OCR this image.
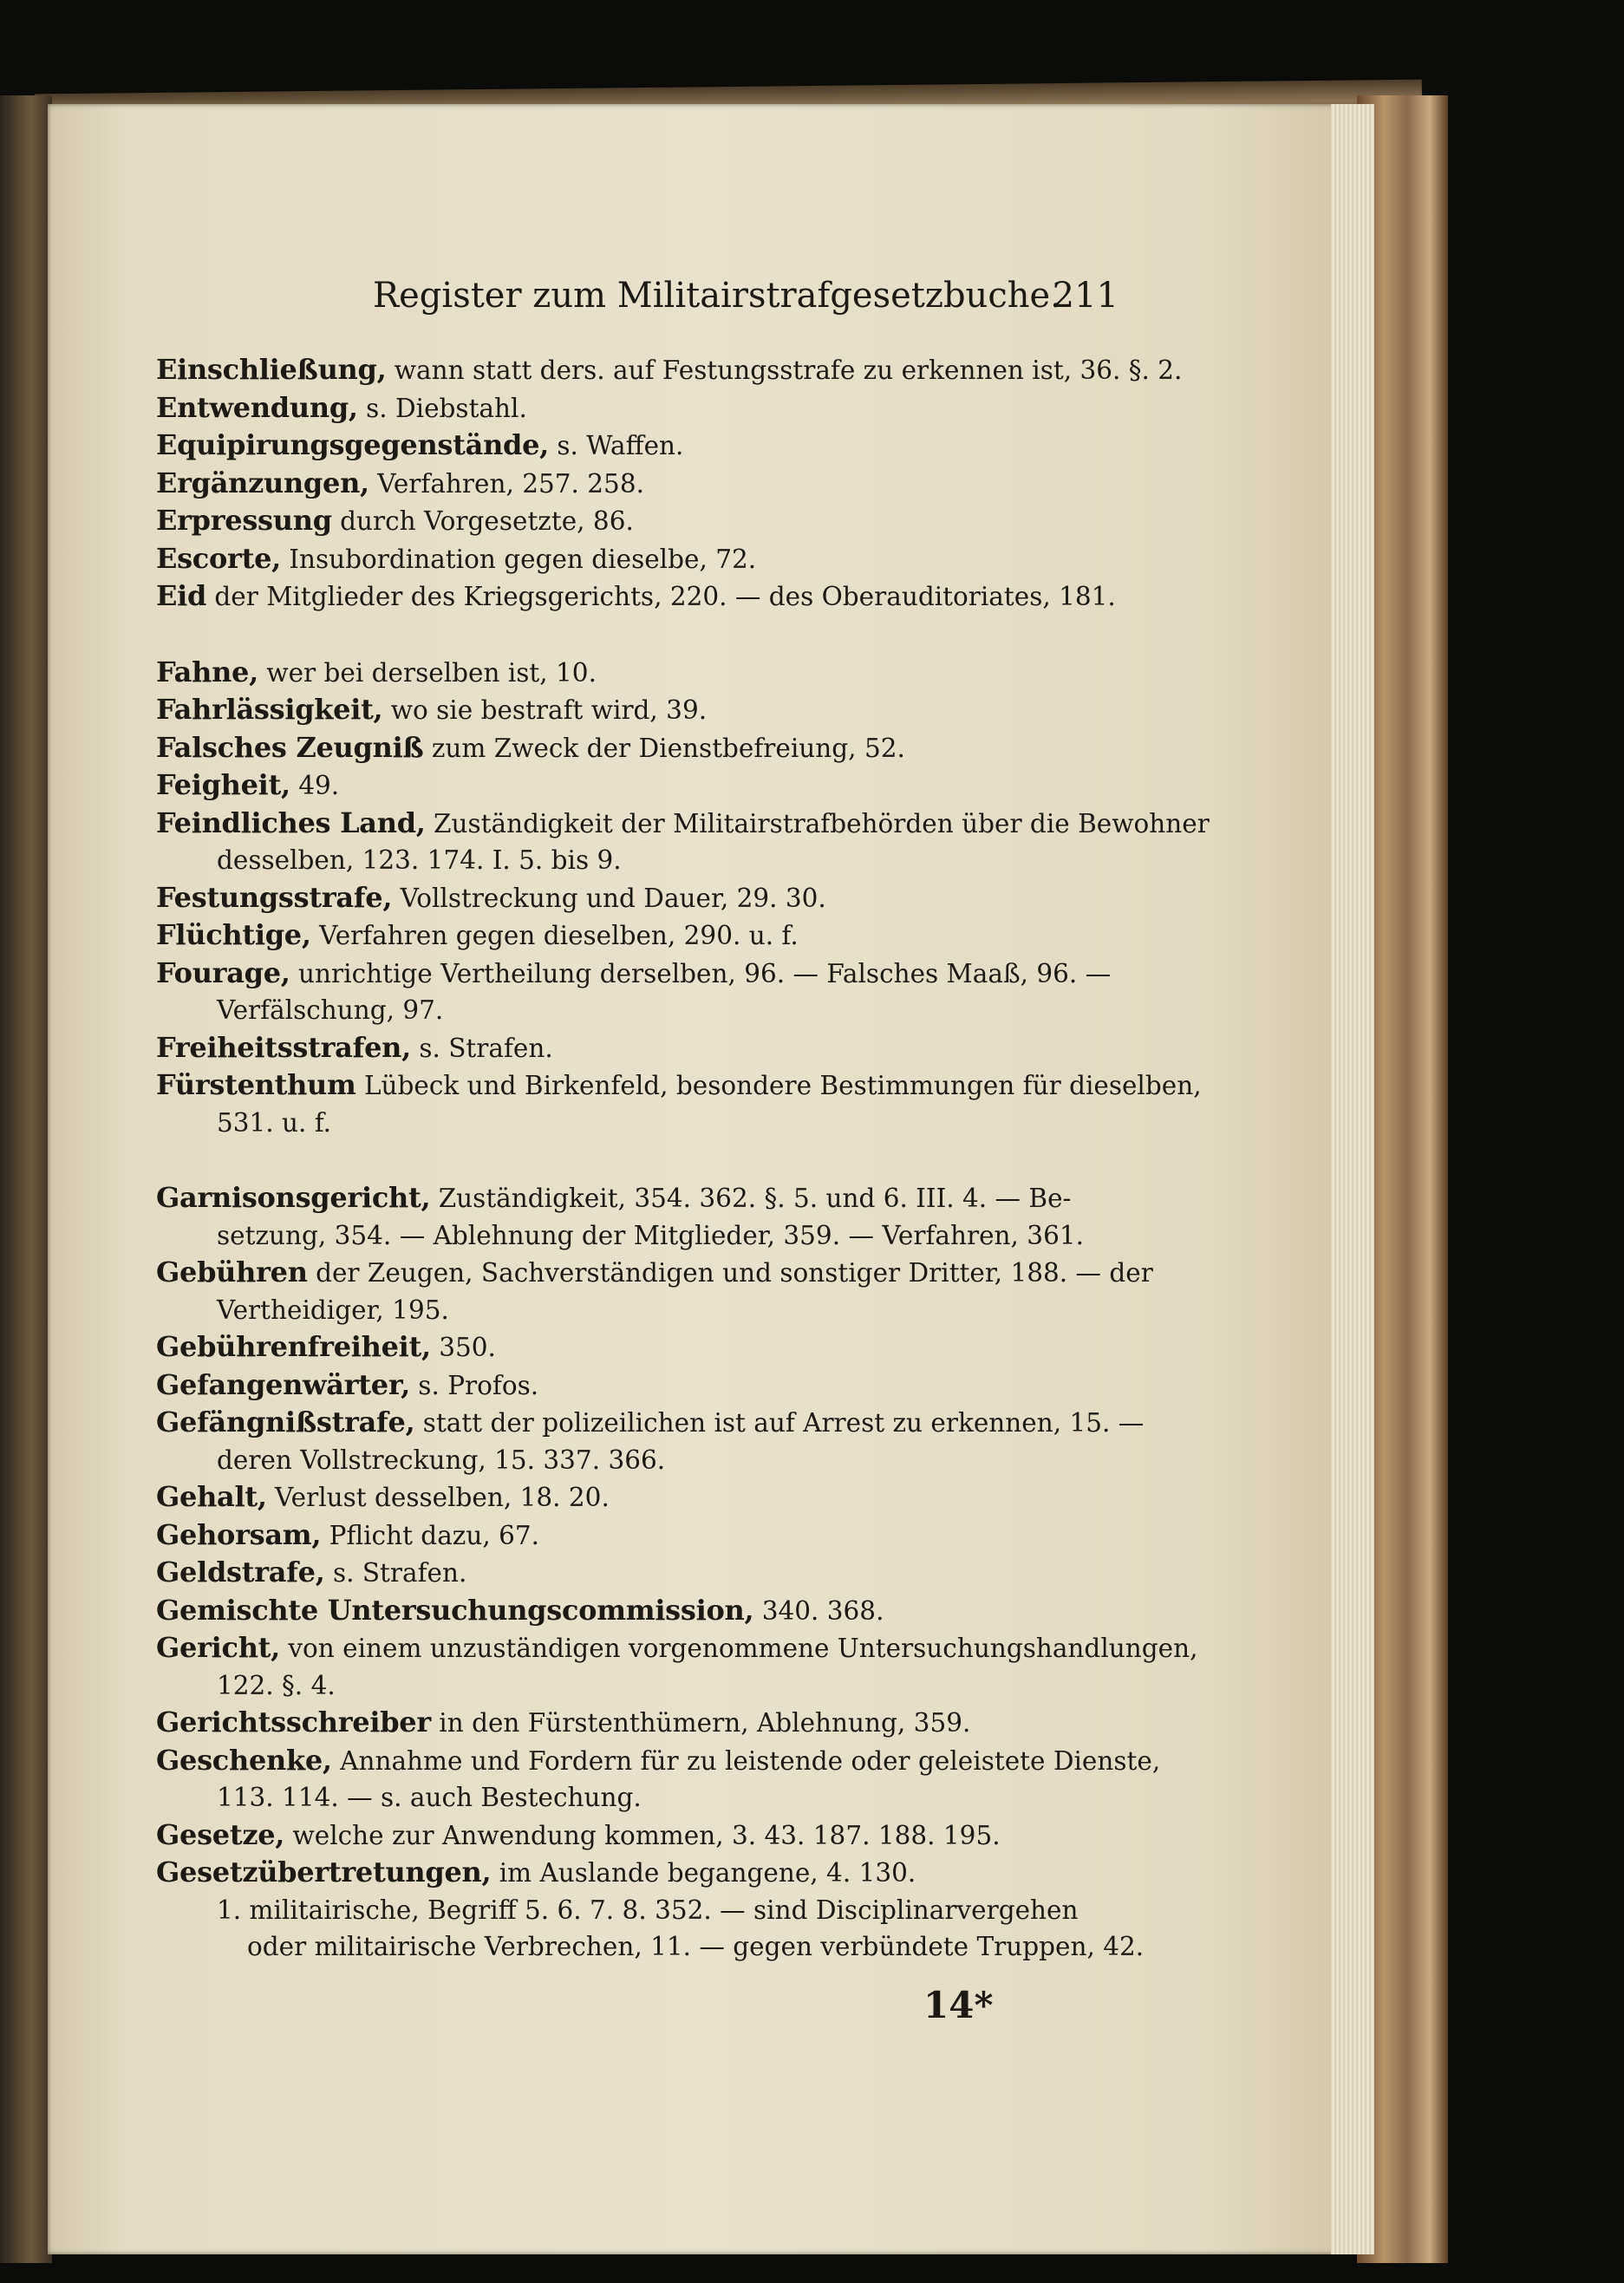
Register zum Militairstrafgesetzbuche.
211
Einschließung, wann statt ders. auf Festungsstrafe zu erkennen ist, 36. §. 2.
Entwendung, s. Diebstahl.
Equipirungsgegenstände, s. Waffen.
Ergänzungen, Verfahren, 257. 258.
Erpressung durch Vorgesetzte, 86.
Escorte, Insubordination gegen dieselbe, 72.
Eid der Mitglieder des Kriegsgerichts, 220. — des Oberauditoriates, 181.
Fahne, wer bei derselben ist, 10.
Fahrlässigkeit, wo sie bestraft wird, 39.
Falsches Zeugniß zum Zweck der Dienstbefreiung, 52.
Feigheit, 49.
Feindliches Land, Zuständigkeit der Militairstrafbehörden über die Bewohner
desselben, 123. 174. I. 5. bis 9.
Festungsstrafe, Vollstreckung und Dauer, 29. 30.
Flüchtige, Verfahren gegen dieselben, 290. u. f.
Fourage, unrichtige Vertheilung derselben, 96. — Falsches Maaß, 96. —
Verfälschung, 97.
Freiheitsstrafen, s. Strafen.
Fürstenthum Lübeck und Birkenfeld, besondere Bestimmungen für dieselben,
531. u. f.
Garnisonsgericht, Zuständigkeit, 354. 362. §. 5. und 6. III. 4. — Be-
setzung, 354. — Ablehnung der Mitglieder, 359. — Verfahren, 361.
Gebühren der Zeugen, Sachverständigen und sonstiger Dritter, 188. — der
Vertheidiger, 195.
Gebührenfreiheit, 350.
Gefangenwärter, s. Profos.
Gefängnißstrafe, statt der polizeilichen ist auf Arrest zu erkennen, 15. —
deren Vollstreckung, 15. 337. 366.
Gehalt, Verlust desselben, 18. 20.
Gehorsam, Pflicht dazu, 67.
Geldstrafe, s. Strafen.
Gemischte Untersuchungscommission, 340. 368.
Gericht, von einem unzuständigen vorgenommene Untersuchungshandlungen,
122. §. 4.
Gerichtsschreiber in den Fürstenthümern, Ablehnung, 359.
Geschenke, Annahme und Fordern für zu leistende oder geleistete Dienste,
113. 114. — s. auch Bestechung.
Gesetze, welche zur Anwendung kommen, 3. 43. 187. 188. 195.
Gesetzübertretungen, im Auslande begangene, 4. 130.
1. militairische, Begriff 5. 6. 7. 8. 352. — sind Disciplinarvergehen
oder militairische Verbrechen, 11. — gegen verbündete Truppen, 42.
14*
